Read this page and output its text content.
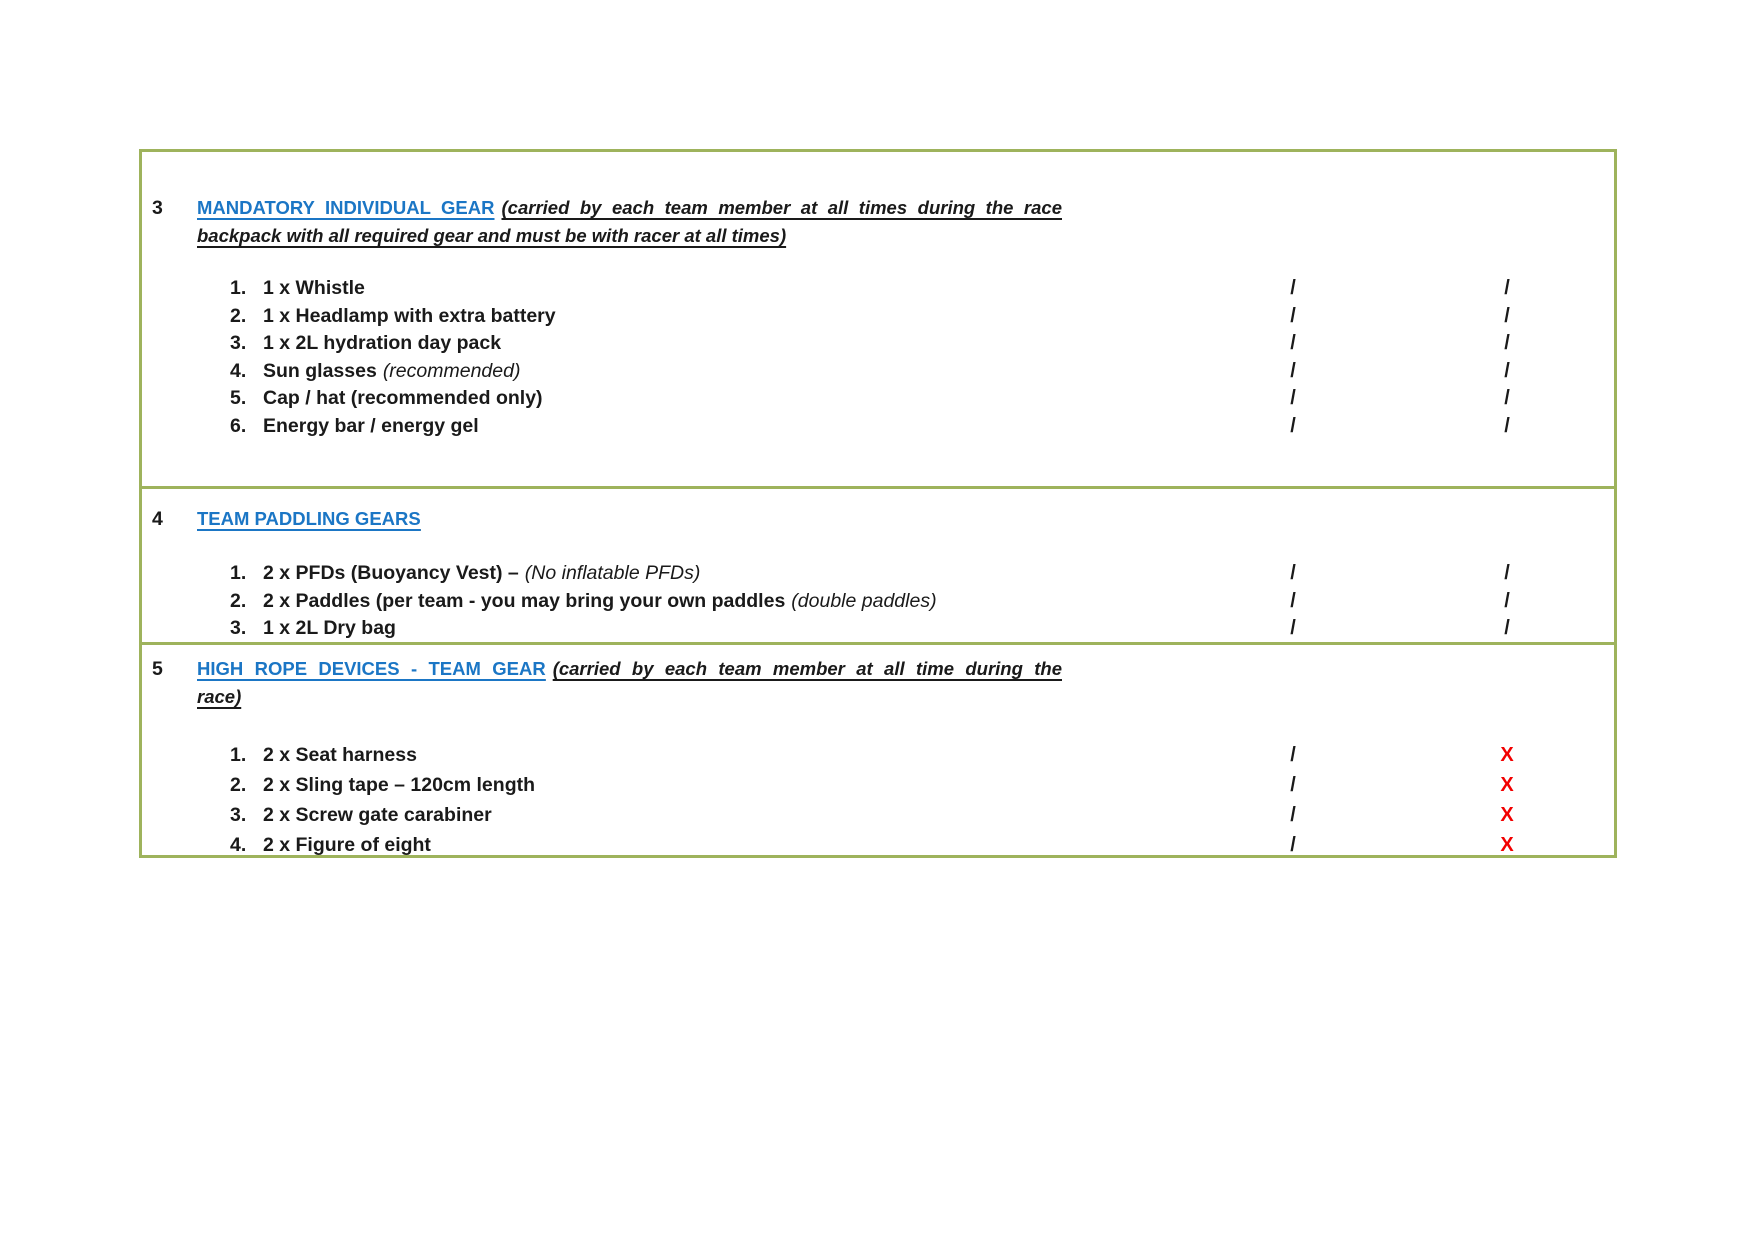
3	MANDATORY INDIVIDUAL GEAR (carried by each team member at all times during the race
backpack with all required gear and must be with racer at all times)
1. 1 x Whistle	/	/
2. 1 x Headlamp with extra battery	/	/
3. 1 x 2L hydration day pack	/	/
4. Sun glasses (recommended)	/	/
5. Cap / hat (recommended only)	/	/
6. Energy bar / energy gel	/	/
4	TEAM PADDLING GEARS
1. 2 x PFDs (Buoyancy Vest) – (No inflatable PFDs)	/	/
2. 2 x Paddles (per team - you may bring your own paddles (double paddles)	/	/
3. 1 x 2L Dry bag	/	/
5	HIGH ROPE DEVICES - TEAM GEAR (carried by each team member at all time during the
race)
1. 2 x Seat harness	/	X
2. 2 x Sling tape – 120cm length	/	X
3. 2 x Screw gate carabiner	/	X
4. 2 x Figure of eight	/	X
